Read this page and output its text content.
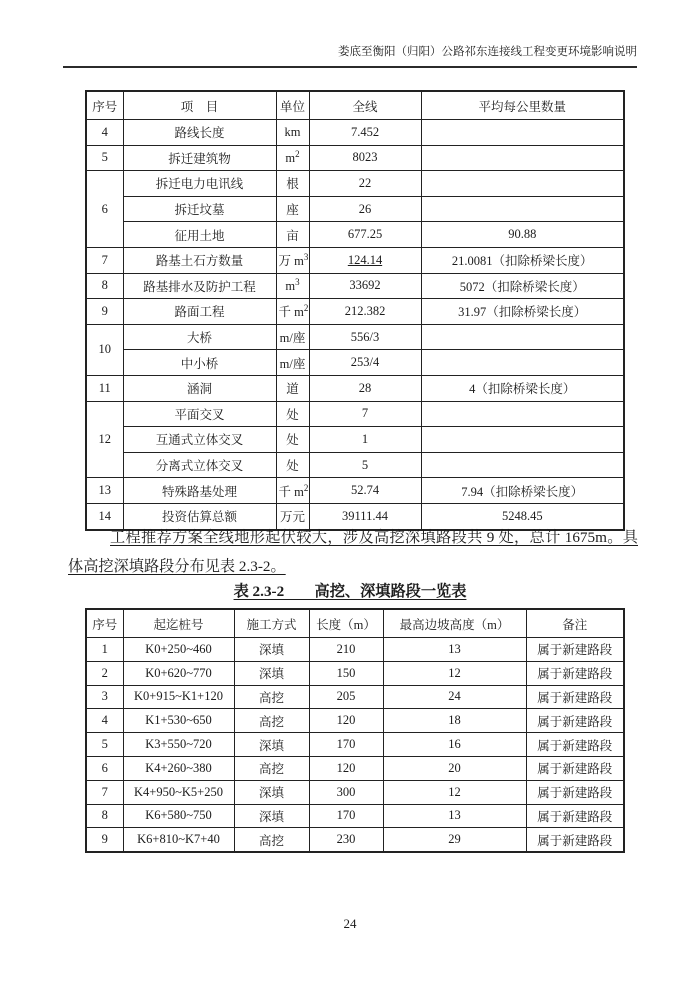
娄底至衡阳（归阳）公路祁东连接线工程变更环境影响说明
序号	项　目	单位	全线	平均每公里数量
4	路线长度	km	7.452	
5	拆迁建筑物	$m^2$	8023	
6	拆迁电力电讯线	根	22	
	拆迁坟墓	座	26	
	征用土地	亩	677.25	90.88
7	路基土石方数量	万 $m^3$	124.14	21.0081（扣除桥梁长度）
8	路基排水及防护工程	$m^3$	33692	5072（扣除桥梁长度）
9	路面工程	千 $m^2$	212.382	31.97（扣除桥梁长度）
10	大桥	m/座	556/3	
	中小桥	m/座	253/4	
11	涵洞	道	28	4（扣除桥梁长度）
12	平面交叉	处	7	
	互通式立体交叉	处	1	
	分离式立体交叉	处	5	
13	特殊路基处理	千 $m^2$	52.74	7.94（扣除桥梁长度）
14	投资估算总额	万元	39111.44	5248.45

工程推荐方案全线地形起伏较大，涉及高挖深填路段共 9 处，总计 1675m。具体高挖深填路段分布见表 2.3-2。

表 2.3-2　　高挖、深填路段一览表
序号	起迄桩号	施工方式	长度（m）	最高边坡高度（m）	备注
1	K0+250~460	深填	210	13	属于新建路段
2	K0+620~770	深填	150	12	属于新建路段
3	K0+915~K1+120	高挖	205	24	属于新建路段
4	K1+530~650	高挖	120	18	属于新建路段
5	K3+550~720	深填	170	16	属于新建路段
6	K4+260~380	高挖	120	20	属于新建路段
7	K4+950~K5+250	深填	300	12	属于新建路段
8	K6+580~750	深填	170	13	属于新建路段
9	K6+810~K7+40	高挖	230	29	属于新建路段
24
